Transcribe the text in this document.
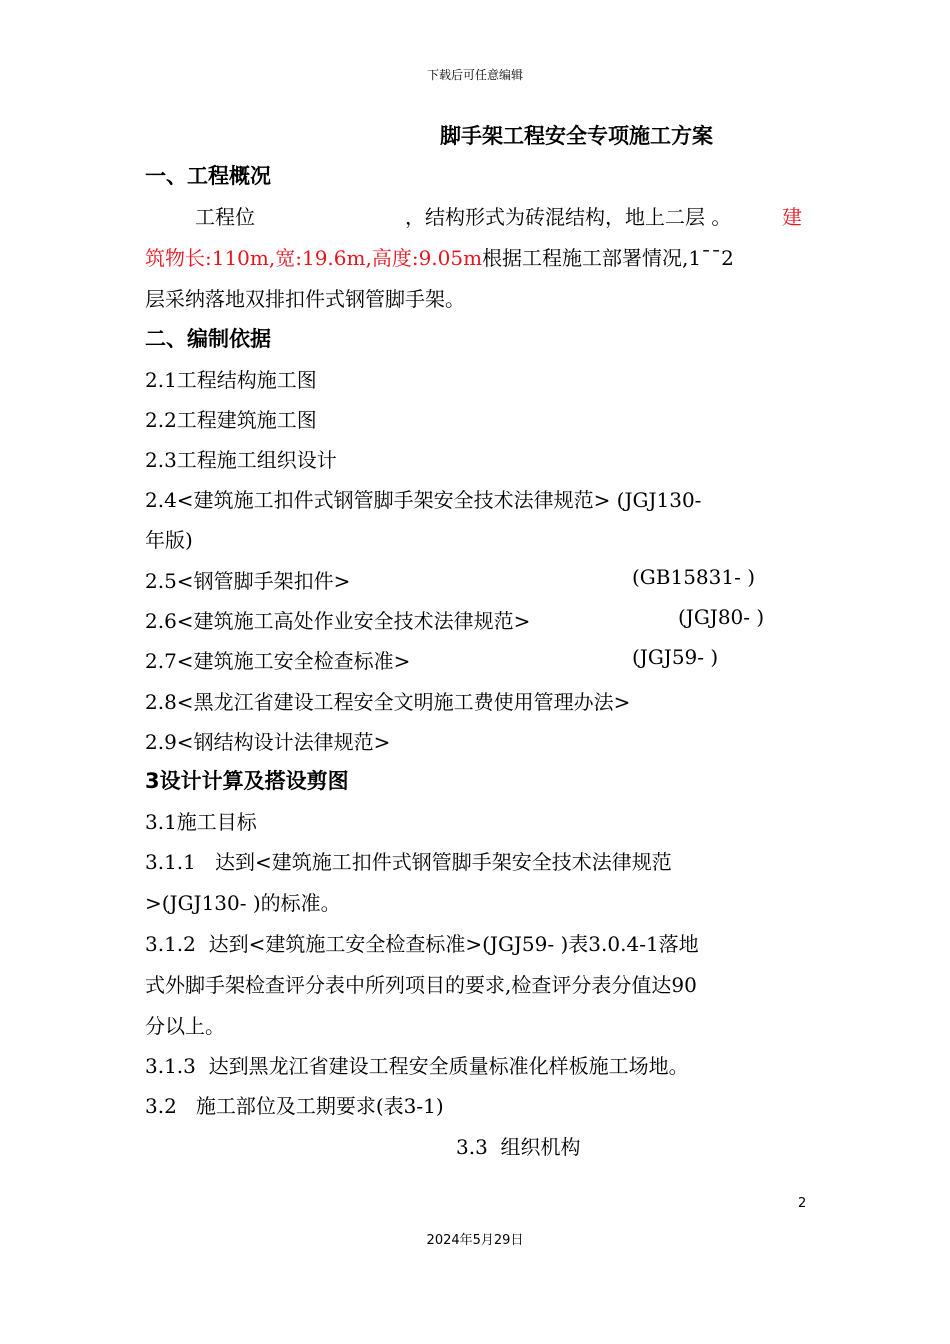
下载后可任意编辑
脚手架工程安全专项施工方案
一、工程概况
工程位	，结构形式为砖混结构，地上二层 。	建
筑物长:110m,宽:19.6m,高度:9.05m根据工程施工部署情况,1¯¯2
层采纳落地双排扣件式钢管脚手架。
二、编制依据
2.1工程结构施工图
2.2工程建筑施工图
2.3工程施工组织设计
2.4<建筑施工扣件式钢管脚手架安全技术法律规范> (JGJ130-
年版)
2.5<钢管脚手架扣件>	(GB15831- )
2.6<建筑施工高处作业安全技术法律规范>	(JGJ80- )
2.7<建筑施工安全检查标准>	(JGJ59- )
2.8<黑龙江省建设工程安全文明施工费使用管理办法>
2.9<钢结构设计法律规范>
3设计计算及搭设剪图
3.1施工目标
3.1.1   达到<建筑施工扣件式钢管脚手架安全技术法律规范
>(JGJ130- )的标准。
3.1.2  达到<建筑施工安全检查标准>(JGJ59- )表3.0.4-1落地
式外脚手架检查评分表中所列项目的要求,检查评分表分值达90
分以上。
3.1.3  达到黑龙江省建设工程安全质量标准化样板施工场地。
3.2   施工部位及工期要求(表3-1)
3.3  组织机构
2
2024年5月29日
